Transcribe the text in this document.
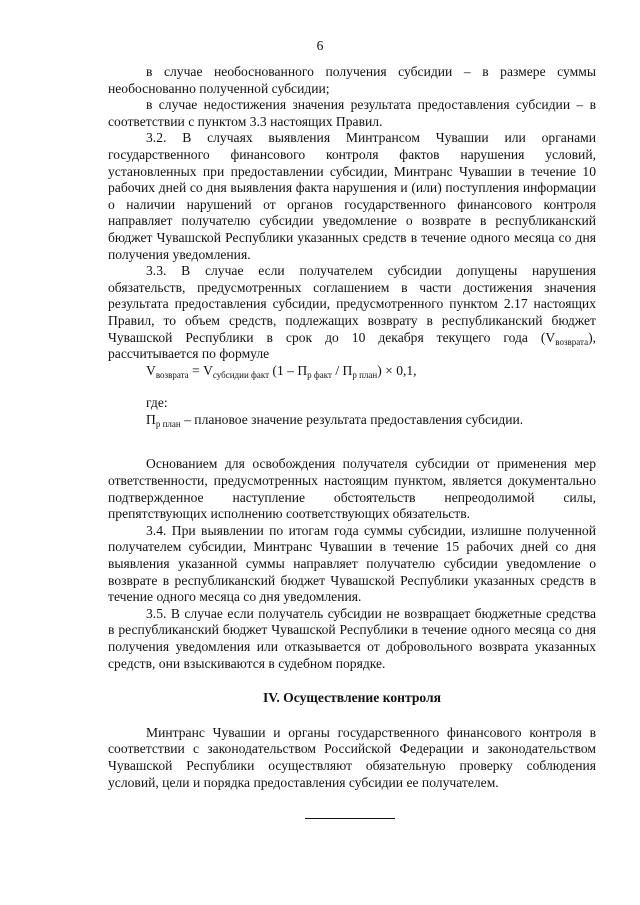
6

в случае необоснованного получения субсидии – в размере суммы необоснованно полученной субсидии;

в случае недостижения значения результата предоставления субсидии – в соответствии с пунктом 3.3 настоящих Правил.

3.2. В случаях выявления Минтрансом Чувашии или органами государственного финансового контроля фактов нарушения условий, установленных при предоставлении субсидии, Минтранс Чувашии в течение 10 рабочих дней со дня выявления факта нарушения и (или) поступления информации о наличии нарушений от органов государственного финансового контроля направляет получателю субсидии уведомление о возврате в республиканский бюджет Чувашской Республики указанных средств в течение одного месяца со дня получения уведомления.

3.3. В случае если получателем субсидии допущены нарушения обязательств, предусмотренных соглашением в части достижения значения результата предоставления субсидии, предусмотренного пунктом 2.17 настоящих Правил, то объем средств, подлежащих возврату в республиканский бюджет Чувашской Республики в срок до 10 декабря текущего года $(V_{возврата})$, рассчитывается по формуле

$V_{возврата} = V_{субсидии факт}$ $(1 - П_{р факт} / П_{р план}) \times 0,1$,

где:

$П_{р план}$ – плановое значение результата предоставления субсидии.

Основанием для освобождения получателя субсидии от применения мер ответственности, предусмотренных настоящим пунктом, является документально подтвержденное наступление обстоятельств непреодолимой силы, препятствующих исполнению соответствующих обязательств.

3.4. При выявлении по итогам года суммы субсидии, излишне полученной получателем субсидии, Минтранс Чувашии в течение 15 рабочих дней со дня выявления указанной суммы направляет получателю субсидии уведомление о возврате в республиканский бюджет Чувашской Республики указанных средств в течение одного месяца со дня уведомления.

3.5. В случае если получатель субсидии не возвращает бюджетные средства в республиканский бюджет Чувашской Республики в течение одного месяца со дня получения уведомления или отказывается от добровольного возврата указанных средств, они взыскиваются в судебном порядке.

IV. Осуществление контроля

Минтранс Чувашии и органы государственного финансового контроля в соответствии с законодательством Российской Федерации и законодательством Чувашской Республики осуществляют обязательную проверку соблюдения условий, цели и порядка предоставления субсидии ее получателем.
